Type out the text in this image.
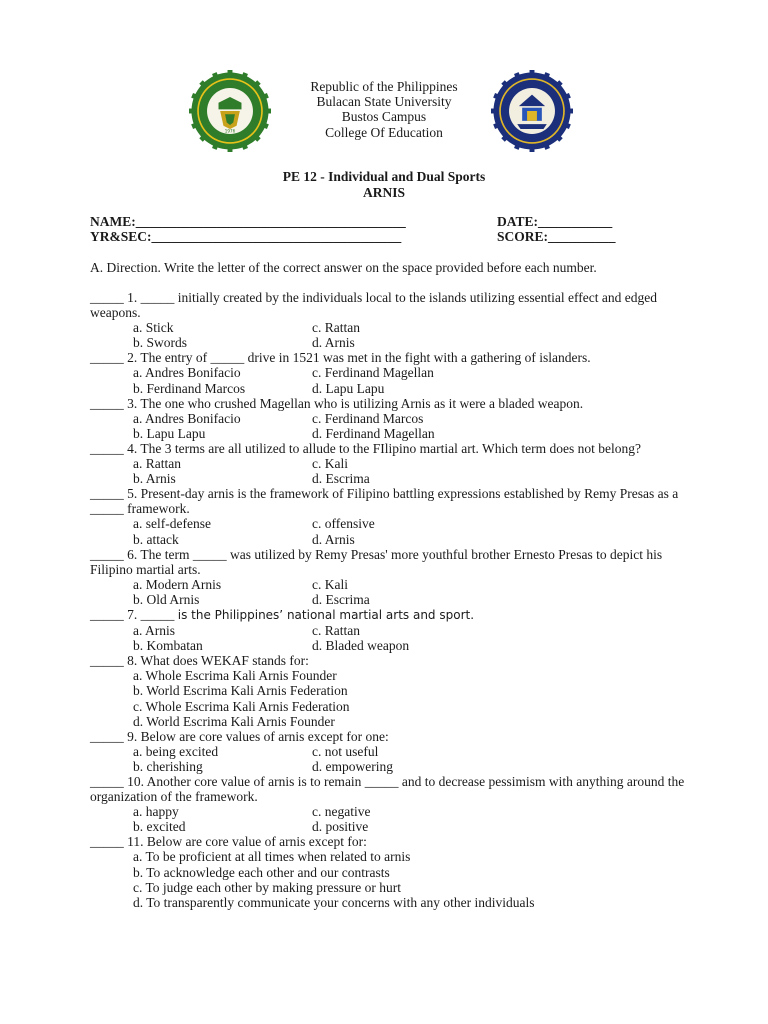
1976
Republic of the Philippines
Bulacan State University
Bustos Campus
College Of Education
PE 12 - Individual and Dual Sports
ARNIS
NAME:________________________________________	DATE:___________
YR&SEC:_____________________________________	SCORE:__________
A. Direction. Write the letter of the correct answer on the space provided before each number.
_____ 1. _____ initially created by the individuals local to the islands utilizing essential effect and edged weapons.
a. Stick	c. Rattan
b. Swords	d. Arnis
_____ 2. The entry of _____ drive in 1521 was met in the fight with a gathering of islanders.
a. Andres Bonifacio	c. Ferdinand Magellan
b. Ferdinand Marcos	d. Lapu Lapu
_____ 3. The one who crushed Magellan who is utilizing Arnis as it were a bladed weapon.
a. Andres Bonifacio	c. Ferdinand Marcos
b. Lapu Lapu	d. Ferdinand Magellan
_____ 4. The 3 terms are all utilized to allude to the FIlipino martial art. Which term does not belong?
a. Rattan	c. Kali
b. Arnis	d. Escrima
_____ 5. Present-day arnis is the framework of Filipino battling expressions established by Remy Presas as a _____ framework.
a. self-defense	c. offensive
b. attack	d. Arnis
_____ 6. The term _____ was utilized by Remy Presas' more youthful brother Ernesto Presas to depict his Filipino martial arts.
a. Modern Arnis	c. Kali
b. Old Arnis	d. Escrima
_____ 7. _____ is the Philippines’ national martial arts and sport.
a. Arnis	c. Rattan
b. Kombatan	d. Bladed weapon
_____ 8. What does WEKAF stands for:
a. Whole Escrima Kali Arnis Founder
b. World Escrima Kali Arnis Federation
c. Whole Escrima Kali Arnis Federation
d. World Escrima Kali Arnis Founder
_____ 9. Below are core values of arnis except for one:
a. being excited	c. not useful
b. cherishing	d. empowering
_____ 10. Another core value of arnis is to remain _____ and to decrease pessimism with anything around the organization of the framework.
a. happy	c. negative
b. excited	d. positive
_____ 11. Below are core value of arnis except for:
a. To be proficient at all times when related to arnis
b. To acknowledge each other and our contrasts
c. To judge each other by making pressure or hurt
d. To transparently communicate your concerns with any other individuals
